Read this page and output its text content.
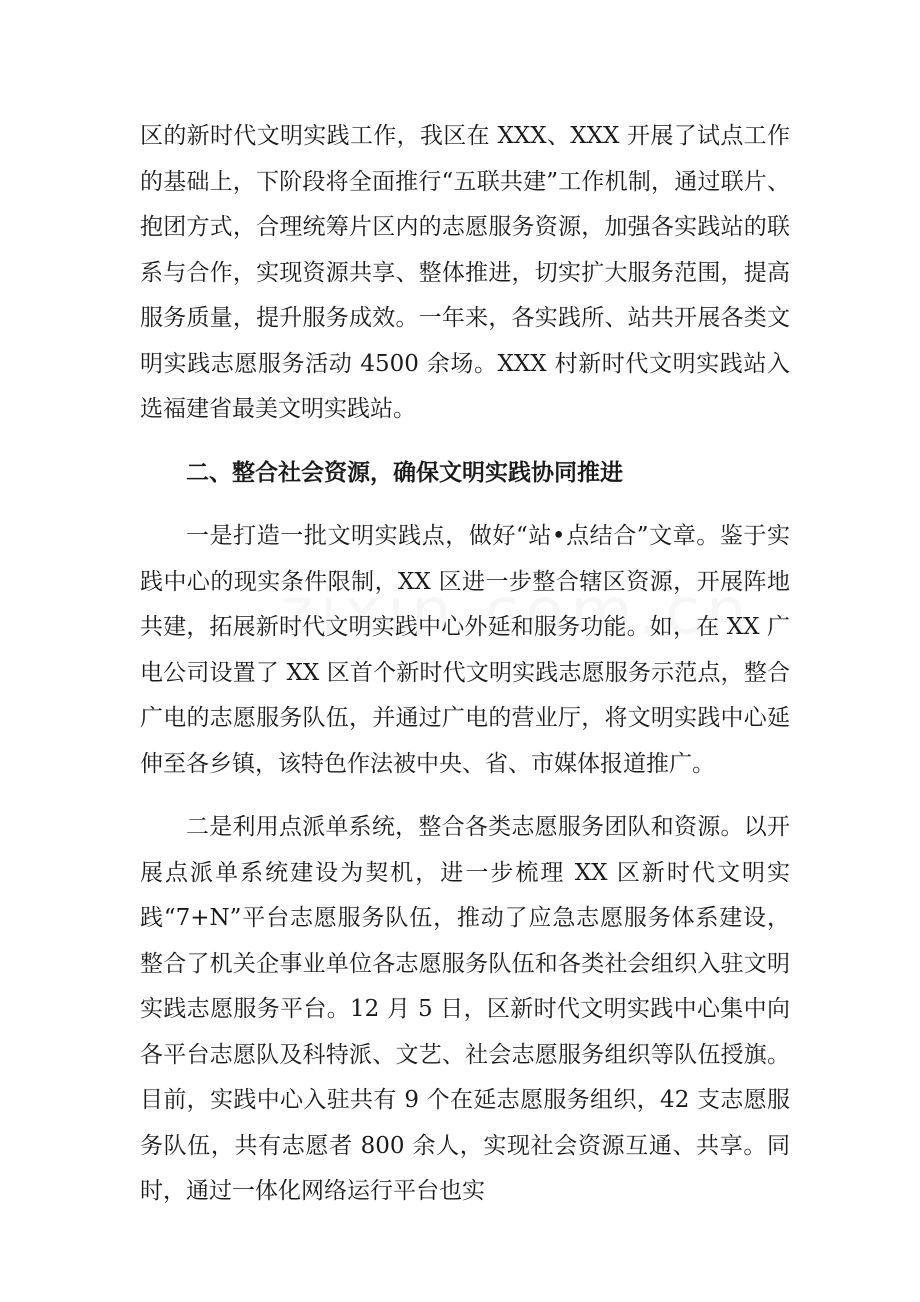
区的新时代文明实践工作，我区在 XXX、XXX 开展了试点工作的基础上，下阶段将全面推行“五联共建”工作机制，通过联片、抱团方式，合理统筹片区内的志愿服务资源，加强各实践站的联系与合作，实现资源共享、整体推进，切实扩大服务范围，提高服务质量，提升服务成效。一年来，各实践所、站共开展各类文明实践志愿服务活动 4500 余场。XXX 村新时代文明实践站入选福建省最美文明实践站。

二、整合社会资源，确保文明实践协同推进

一是打造一批文明实践点，做好“站•点结合”文章。鉴于实践中心的现实条件限制，XX 区进一步整合辖区资源，开展阵地共建，拓展新时代文明实践中心外延和服务功能。如，在 XX 广电公司设置了 XX 区首个新时代文明实践志愿服务示范点，整合广电的志愿服务队伍，并通过广电的营业厅，将文明实践中心延伸至各乡镇，该特色作法被中央、省、市媒体报道推广。

二是利用点派单系统，整合各类志愿服务团队和资源。以开展点派单系统建设为契机，进一步梳理 XX 区新时代文明实践“7+N”平台志愿服务队伍，推动了应急志愿服务体系建设，整合了机关企事业单位各志愿服务队伍和各类社会组织入驻文明实践志愿服务平台。12 月 5 日，区新时代文明实践中心集中向各平台志愿队及科特派、文艺、社会志愿服务组织等队伍授旗。目前，实践中心入驻共有 9 个在延志愿服务组织，42 支志愿服务队伍，共有志愿者 800 余人，实现社会资源互通、共享。同时，通过一体化网络运行平台也实
